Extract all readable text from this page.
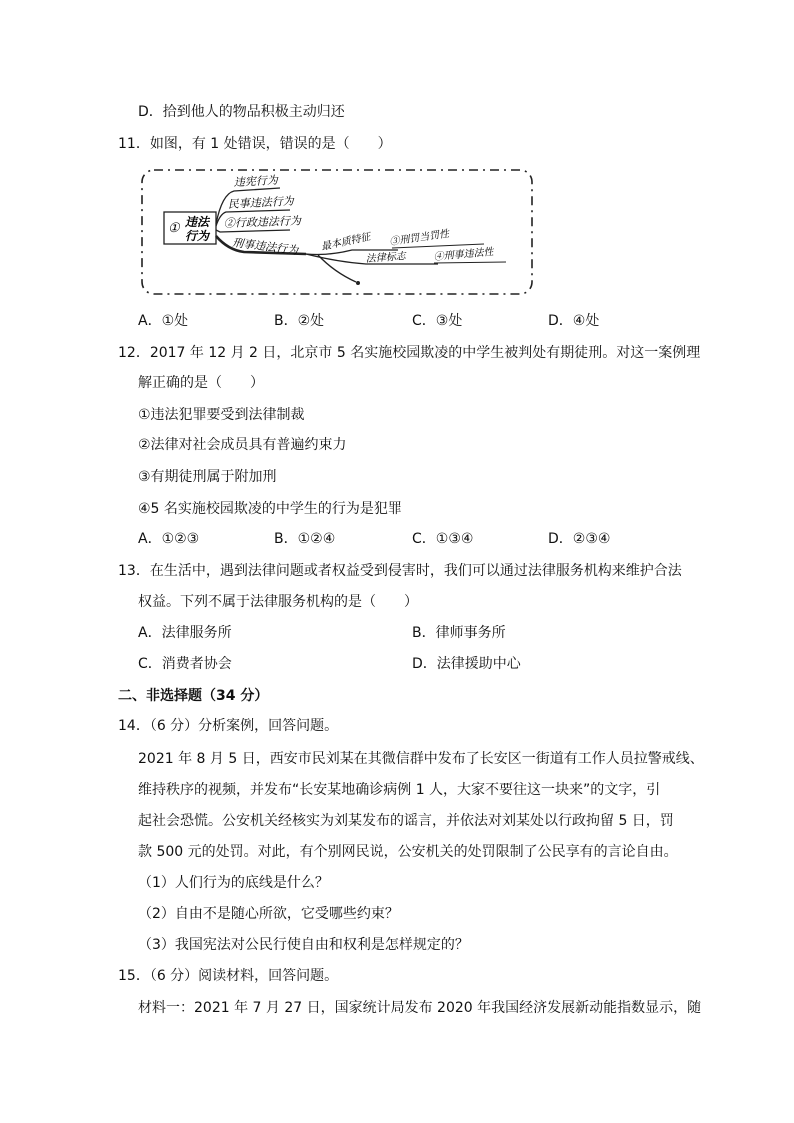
D．拾到他人的物品积极主动归还
11．如图，有 1 处错误，错误的是（　　）
① 违法
行为
违宪行为
民事违法行为
②行政违法行为
刑事违法行为 最本质特征 ③刑罚当罚性
法律标志	④刑事违法性
A．①处	B．②处	C．③处	D．④处
12．2017 年 12 月 2 日，北京市 5 名实施校园欺凌的中学生被判处有期徒刑。对这一案例理
解正确的是（　　）
①违法犯罪要受到法律制裁
②法律对社会成员具有普遍约束力
③有期徒刑属于附加刑
④5 名实施校园欺凌的中学生的行为是犯罪
A．①②③	B．①②④	C．①③④	D．②③④
13．在生活中，遇到法律问题或者权益受到侵害时，我们可以通过法律服务机构来维护合法
权益。下列不属于法律服务机构的是（　　）
A．法律服务所	B．律师事务所
C．消费者协会	D．法律援助中心
二、非选择题（34 分）
14．（6 分）分析案例，回答问题。
2021 年 8 月 5 日，西安市民刘某在其微信群中发布了长安区一街道有工作人员拉警戒线、
维持秩序的视频，并发布“长安某地确诊病例 1 人，大家不要往这一块来”的文字，引
起社会恐慌。公安机关经核实为刘某发布的谣言，并依法对刘某处以行政拘留 5 日，罚
款 500 元的处罚。对此，有个别网民说，公安机关的处罚限制了公民享有的言论自由。
（1）人们行为的底线是什么？
（2）自由不是随心所欲，它受哪些约束？
（3）我国宪法对公民行使自由和权利是怎样规定的？
15．（6 分）阅读材料，回答问题。
材料一：2021 年 7 月 27 日，国家统计局发布 2020 年我国经济发展新动能指数显示，随
